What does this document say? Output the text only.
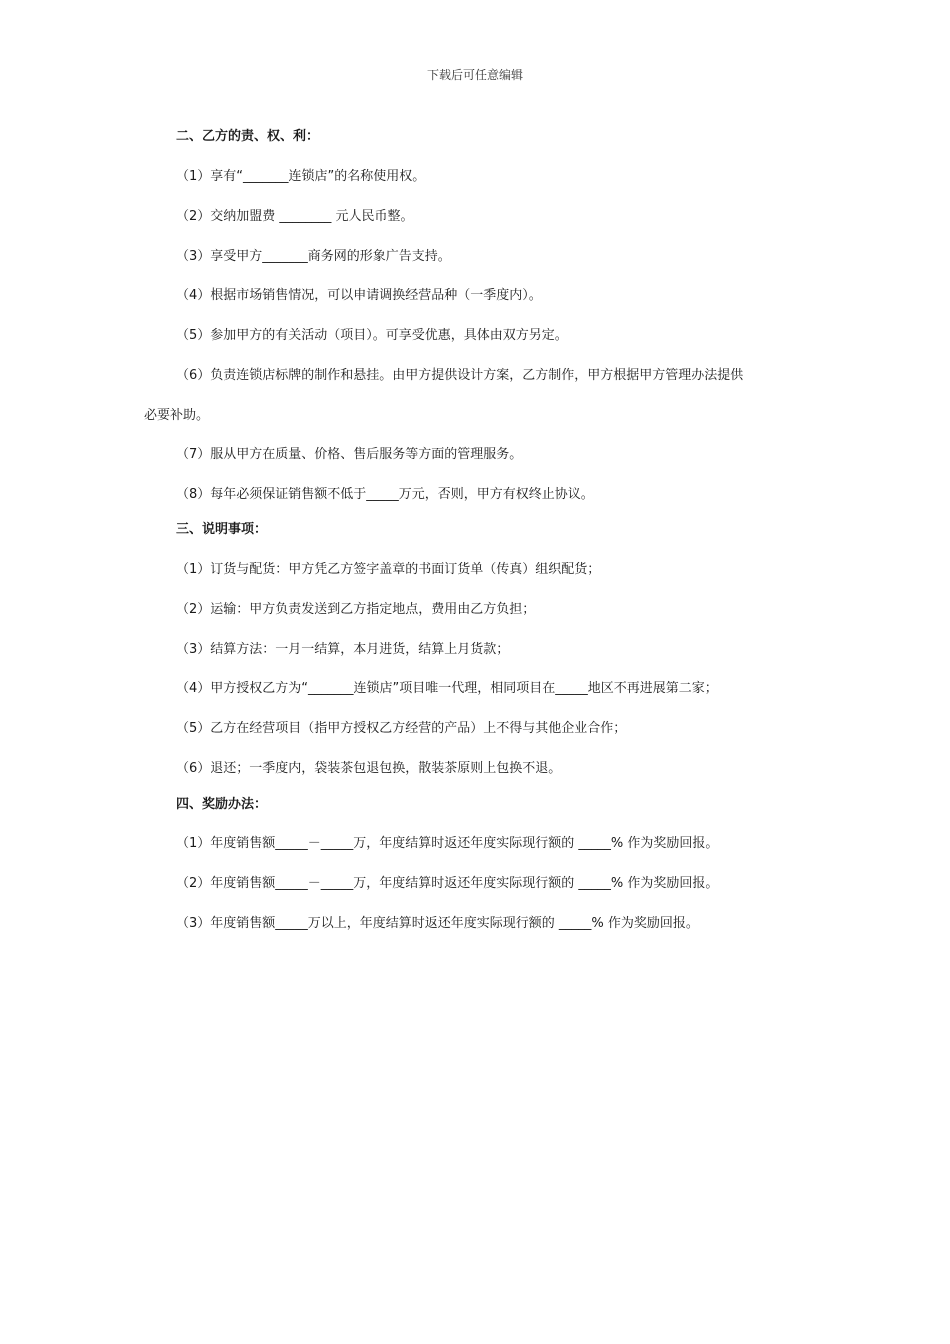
下载后可任意编辑
二、乙方的责、权、利：
（1）享有“_______连锁店”的名称使用权。
（2）交纳加盟费 ________ 元人民币整。
（3）享受甲方_______商务网的形象广告支持。
（4）根据市场销售情况，可以申请调换经营品种（一季度内）。
（5）参加甲方的有关活动（项目）。可享受优惠，具体由双方另定。
（6）负责连锁店标牌的制作和悬挂。由甲方提供设计方案，乙方制作，甲方根据甲方管理办法提供
必要补助。
（7）服从甲方在质量、价格、售后服务等方面的管理服务。
（8）每年必须保证销售额不低于_____万元，否则，甲方有权终止协议。
三、说明事项：
（1）订货与配货：甲方凭乙方签字盖章的书面订货单（传真）组织配货；
（2）运输：甲方负责发送到乙方指定地点，费用由乙方负担；
（3）结算方法：一月一结算，本月进货，结算上月货款；
（4）甲方授权乙方为“_______连锁店”项目唯一代理，相同项目在_____地区不再进展第二家；
（5）乙方在经营项目（指甲方授权乙方经营的产品）上不得与其他企业合作；
（6）退还；一季度内，袋装茶包退包换，散装茶原则上包换不退。
四、奖励办法：
（1）年度销售额_____－_____万，年度结算时返还年度实际现行额的 _____% 作为奖励回报。
（2）年度销售额_____－_____万，年度结算时返还年度实际现行额的 _____% 作为奖励回报。
（3）年度销售额_____万以上，年度结算时返还年度实际现行额的 _____% 作为奖励回报。
